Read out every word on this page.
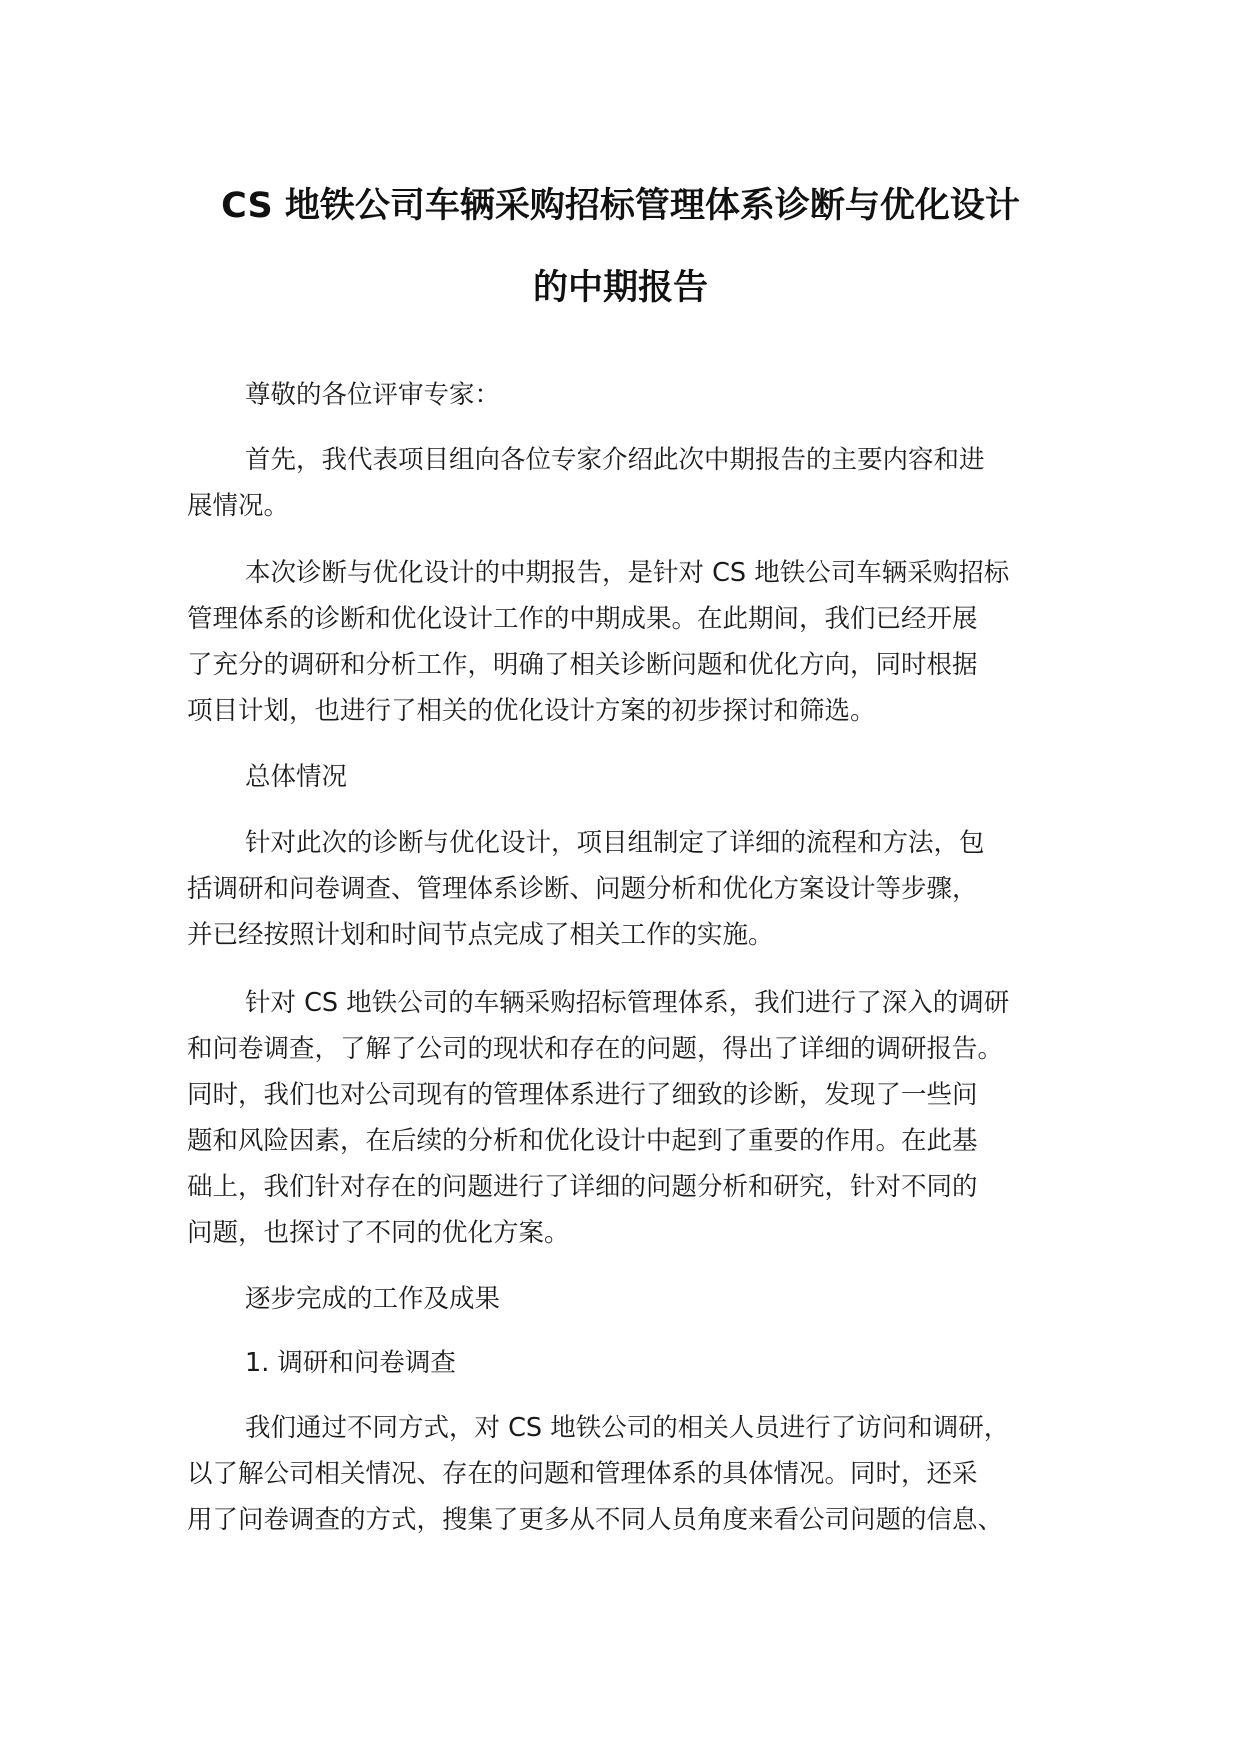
CS 地铁公司车辆采购招标管理体系诊断与优化设计
的中期报告
尊敬的各位评审专家：
首先，我代表项目组向各位专家介绍此次中期报告的主要内容和进
展情况。
本次诊断与优化设计的中期报告，是针对 CS 地铁公司车辆采购招标
管理体系的诊断和优化设计工作的中期成果。在此期间，我们已经开展
了充分的调研和分析工作，明确了相关诊断问题和优化方向，同时根据
项目计划，也进行了相关的优化设计方案的初步探讨和筛选。
总体情况
针对此次的诊断与优化设计，项目组制定了详细的流程和方法，包
括调研和问卷调查、管理体系诊断、问题分析和优化方案设计等步骤，
并已经按照计划和时间节点完成了相关工作的实施。
针对 CS 地铁公司的车辆采购招标管理体系，我们进行了深入的调研
和问卷调查，了解了公司的现状和存在的问题，得出了详细的调研报告。
同时，我们也对公司现有的管理体系进行了细致的诊断，发现了一些问
题和风险因素，在后续的分析和优化设计中起到了重要的作用。在此基
础上，我们针对存在的问题进行了详细的问题分析和研究，针对不同的
问题，也探讨了不同的优化方案。
逐步完成的工作及成果
1. 调研和问卷调查
我们通过不同方式，对 CS 地铁公司的相关人员进行了访问和调研，
以了解公司相关情况、存在的问题和管理体系的具体情况。同时，还采
用了问卷调查的方式，搜集了更多从不同人员角度来看公司问题的信息、
